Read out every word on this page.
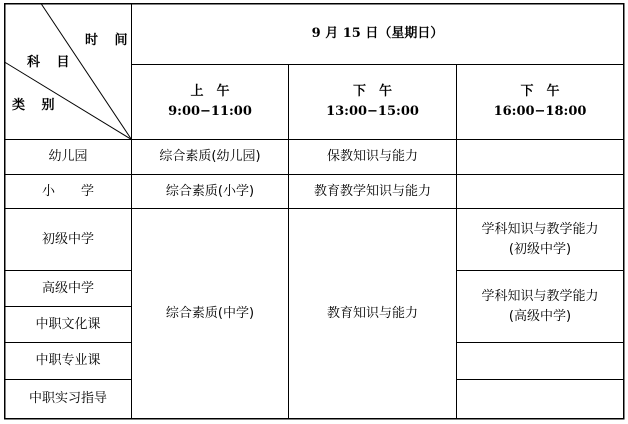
时 间
科 目
类 别
9 月 15 日（星期日）
上　午
9:00−11:00
下　午
13:00−15:00
下　午
16:00−18:00
幼儿园
小　　学
初级中学
高级中学
中职文化课
中职专业课
中职实习指导
综合素质(幼儿园)
综合素质(小学)
综合素质(中学)
保教知识与能力
教育教学知识与能力
教育知识与能力
学科知识与教学能力
(初级中学)
学科知识与教学能力
(高级中学)
